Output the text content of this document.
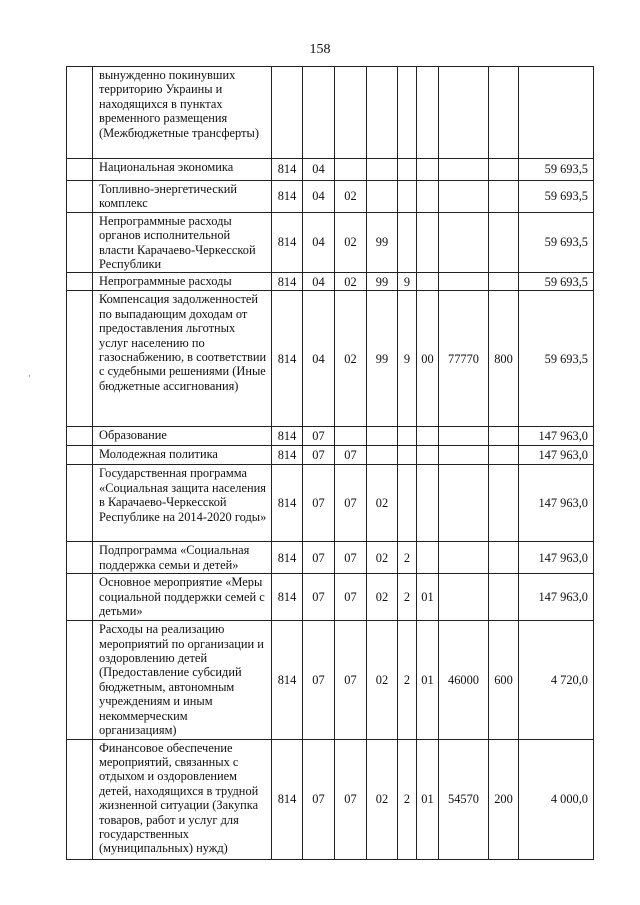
158
·
	вынужденно покинувших территорию Украины и находящихся в пунктах временного размещения (Межбюджетные трансферты)									
	Национальная экономика	814	04							59 693,5
	Топливно-энергетический комплекс	814	04	02						59 693,5
	Непрограммные расходы органов исполнительной власти Карачаево-Черкесской Республики	814	04	02	99					59 693,5
	Непрограммные расходы	814	04	02	99	9				59 693,5
	Компенсация задолженностей по выпадающим доходам от предоставления льготных услуг населению по газоснабжению, в соответствии с судебными решениями (Иные бюджетные ассигнования)	814	04	02	99	9	00	77770	800	59 693,5
	Образование	814	07							147 963,0
	Молодежная политика	814	07	07						147 963,0
	Государственная программа «Социальная защита населения в Карачаево-Черкесской Республике на 2014-2020 годы»	814	07	07	02					147 963,0
	Подпрограмма «Социальная поддержка семьи и детей»	814	07	07	02	2				147 963,0
	Основное мероприятие «Меры социальной поддержки семей с детьми»	814	07	07	02	2	01			147 963,0
	Расходы на реализацию мероприятий по организации и оздоровлению детей (Предоставление субсидий бюджетным, автономным учреждениям и иным некоммерческим организациям)	814	07	07	02	2	01	46000	600	4 720,0
	Финансовое обеспечение мероприятий, связанных с отдыхом и оздоровлением детей, находящихся в трудной жизненной ситуации (Закупка товаров, работ и услуг для государственных (муниципальных) нужд)	814	07	07	02	2	01	54570	200	4 000,0
